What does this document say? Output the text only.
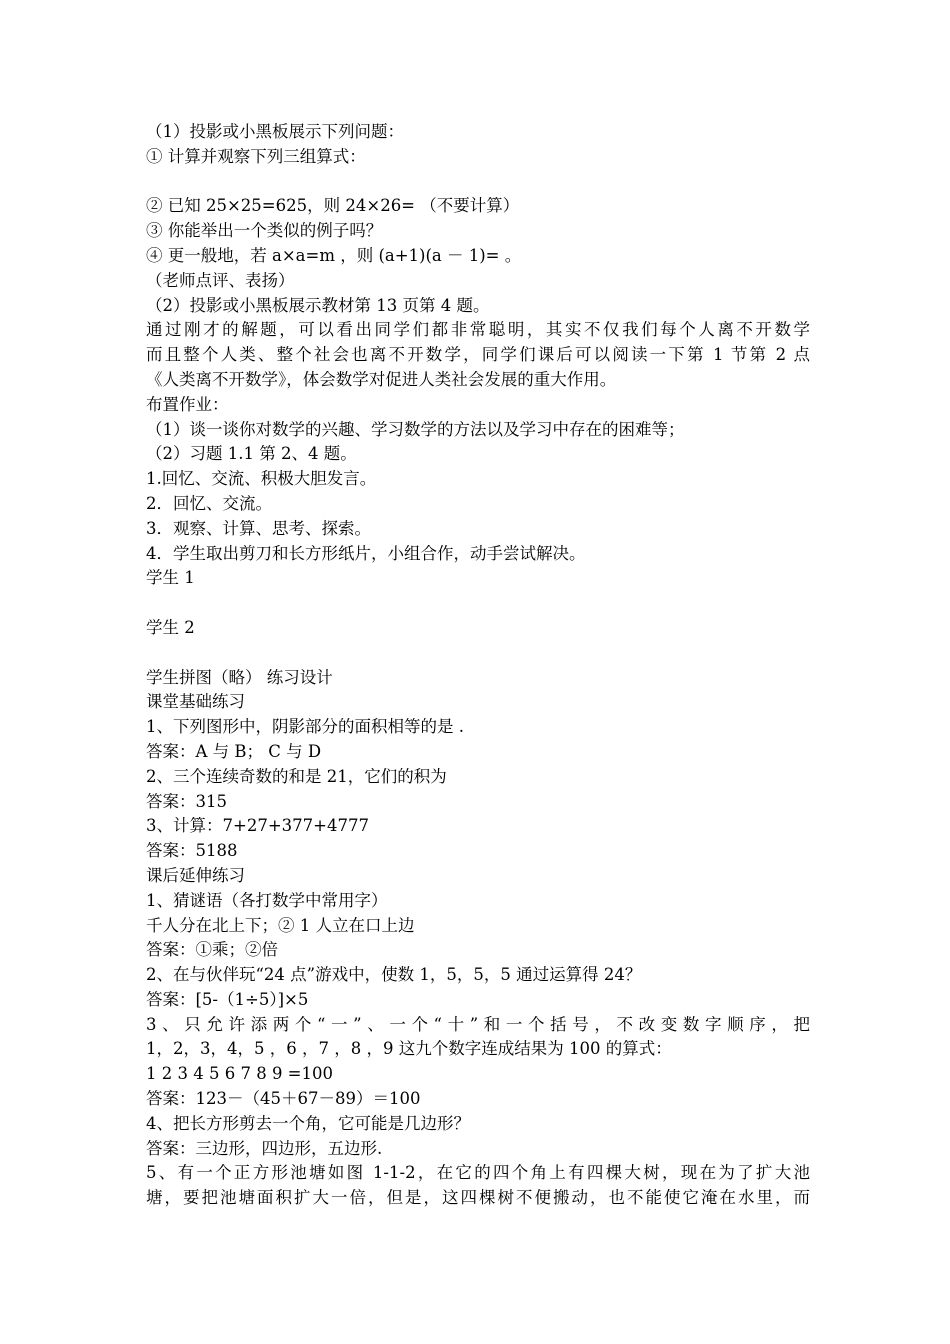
（1）投影或小黑板展示下列问题：
① 计算并观察下列三组算式：
② 已知 25×25=625，则 24×26= （不要计算）
③ 你能举出一个类似的例子吗？
④ 更一般地，若 a×a=m ，则 (a+1)(a － 1)= 。
（老师点评、表扬）
（2）投影或小黑板展示教材第 13 页第 4 题。
通过刚才的解题，可以看出同学们都非常聪明，其实不仅我们每个人离不开数学
而且整个人类、整个社会也离不开数学，同学们课后可以阅读一下第 1 节第 2 点
《人类离不开数学》，体会数学对促进人类社会发展的重大作用。
布置作业：
（1）谈一谈你对数学的兴趣、学习数学的方法以及学习中存在的困难等；
（2）习题 1.1 第 2、4 题。
1.回忆、交流、积极大胆发言。
2．回忆、交流。
3．观察、计算、思考、探索。
4．学生取出剪刀和长方形纸片，小组合作，动手尝试解决。
学生 1
学生 2
学生拼图（略） 练习设计
课堂基础练习
1、下列图形中，阴影部分的面积相等的是 .
答案：A 与 B； C 与 D
2、三个连续奇数的和是 21，它们的积为
答案：315
3、计算：7+27+377+4777
答案：5188
课后延伸练习
1、猜谜语（各打数学中常用字）
千人分在北上下；② 1 人立在口上边
答案：①乘；②倍
2、在与伙伴玩“24 点”游戏中，使数 1，5，5，5 通过运算得 24？
答案：[5-（1÷5）]×5
3、只允许添两个“一”、一个“十”和一个括号，不改变数字顺序，把
1，2，3，4，5 ，6 ，7 ，8 ，9 这九个数字连成结果为 100 的算式：
1 2 3 4 5 6 7 8 9 =100
答案：123－（45＋67－89）＝100
4、把长方形剪去一个角，它可能是几边形？
答案：三边形，四边形，五边形.
5、有一个正方形池塘如图 1-1-2，在它的四个角上有四棵大树，现在为了扩大池
塘，要把池塘面积扩大一倍，但是，这四棵树不便搬动，也不能使它淹在水里，而
